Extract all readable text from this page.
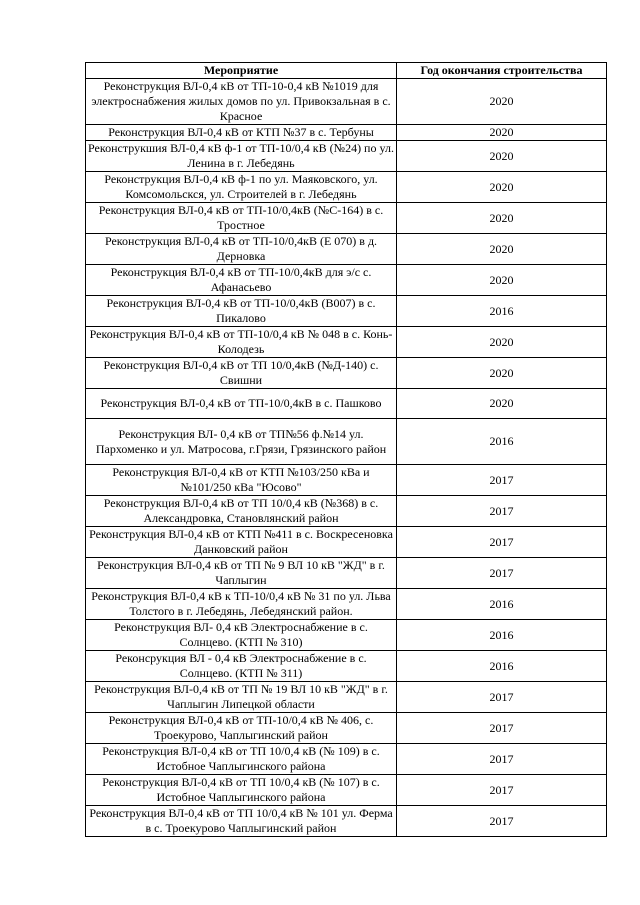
Мероприятие	Год окончания строительства
Реконструкция ВЛ-0,4 кВ от ТП-10-0,4 кВ №1019 для электроснабжения жилых домов по ул. Привокзальная в с. Красное	2020
Реконструкция ВЛ-0,4 кВ от КТП №37 в с. Тербуны	2020
Реконструкшия ВЛ-0,4 кВ ф-1 от ТП-10/0,4 кВ (№24) по ул. Ленина в г. Лебедянь	2020
Реконструкция ВЛ-0,4 кВ ф-1 по ул. Маяковского, ул. Комсомольскся, ул. Строителей в г. Лебедянь	2020
Реконструкция ВЛ-0,4 кВ от ТП-10/0,4кВ (№С-164) в с. Тростное	2020
Реконструкция ВЛ-0,4 кВ от ТП-10/0,4кВ (Е 070) в д. Дерновка	2020
Реконструкция ВЛ-0,4 кВ от ТП-10/0,4кВ для э/с с. Афанасьево	2020
Реконструкция ВЛ-0,4 кВ от ТП-10/0,4кВ (В007) в с. Пикалово	2016
Реконструкция ВЛ-0,4 кВ от ТП-10/0,4 кВ № 048 в с. Конь-Колодезь	2020
Реконструкция ВЛ-0,4 кВ от ТП 10/0,4кВ (№Д-140) с. Свишни	2020
Реконструкция ВЛ-0,4 кВ от ТП-10/0,4кВ в с. Пашково	2020
Реконструкция ВЛ- 0,4 кВ от ТП№56 ф.№14 ул. Пархоменко и ул. Матросова, г.Грязи, Грязинского район	2016
Реконструкция ВЛ-0,4 кВ от КТП №103/250 кВа и №101/250 кВа "Юсово"	2017
Реконструкция ВЛ-0,4 кВ от ТП 10/0,4 кВ (№368) в с. Александровка, Становлянский район	2017
Реконструкция ВЛ-0,4 кВ от КТП №411 в с. Воскресеновка Данковский район	2017
Реконструкция ВЛ-0,4 кВ от ТП № 9 ВЛ 10 кВ "ЖД" в г. Чаплыгин	2017
Реконструкция ВЛ-0,4 кВ к ТП-10/0,4 кВ № 31 по ул. Льва Толстого в г. Лебедянь, Лебедянский район.	2016
Реконструкция ВЛ- 0,4 кВ Электроснабжение в с. Солнцево. (КТП № 310)	2016
Реконсрукция ВЛ - 0,4 кВ Электроснабжение в с. Солнцево. (КТП № 311)	2016
Реконструкция ВЛ-0,4 кВ от ТП № 19 ВЛ 10 кВ "ЖД" в г. Чаплыгин Липецкой области	2017
Реконструкция ВЛ-0,4 кВ от ТП-10/0,4 кВ № 406, с. Троекурово, Чаплыгинский район	2017
Реконструкция ВЛ-0,4 кВ от ТП 10/0,4 кВ (№ 109) в с. Истобное Чаплыгинского района	2017
Реконструкция ВЛ-0,4 кВ от ТП 10/0,4 кВ (№ 107) в с. Истобное Чаплыгинского района	2017
Реконструкция ВЛ-0,4 кВ от ТП 10/0,4 кВ № 101 ул. Ферма в с. Троекурово Чаплыгинский район	2017
